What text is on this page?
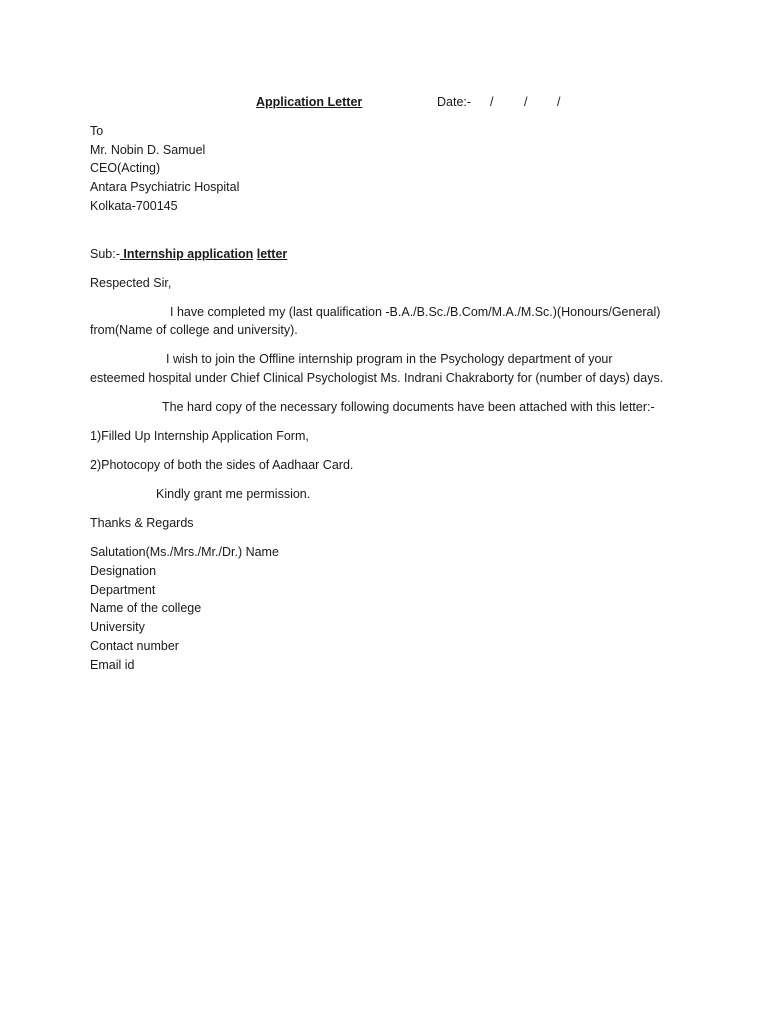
Application Letter	Date:- / / /
To
Mr. Nobin D. Samuel
CEO(Acting)
Antara Psychiatric Hospital
Kolkata-700145
Sub:- Internship application letter
Respected Sir,
I have completed my (last qualification -B.A./B.Sc./B.Com/M.A./M.Sc.)(Honours/General)
from(Name of college and university).
I wish to join the Offline internship program in the Psychology department of your
esteemed hospital under Chief Clinical Psychologist Ms. Indrani Chakraborty for (number of days) days.
The hard copy of the necessary following documents have been attached with this letter:-
1)Filled Up Internship Application Form,
2)Photocopy of both the sides of Aadhaar Card.
Kindly grant me permission.
Thanks & Regards
Salutation(Ms./Mrs./Mr./Dr.) Name
Designation
Department
Name of the college
University
Contact number
Email id
